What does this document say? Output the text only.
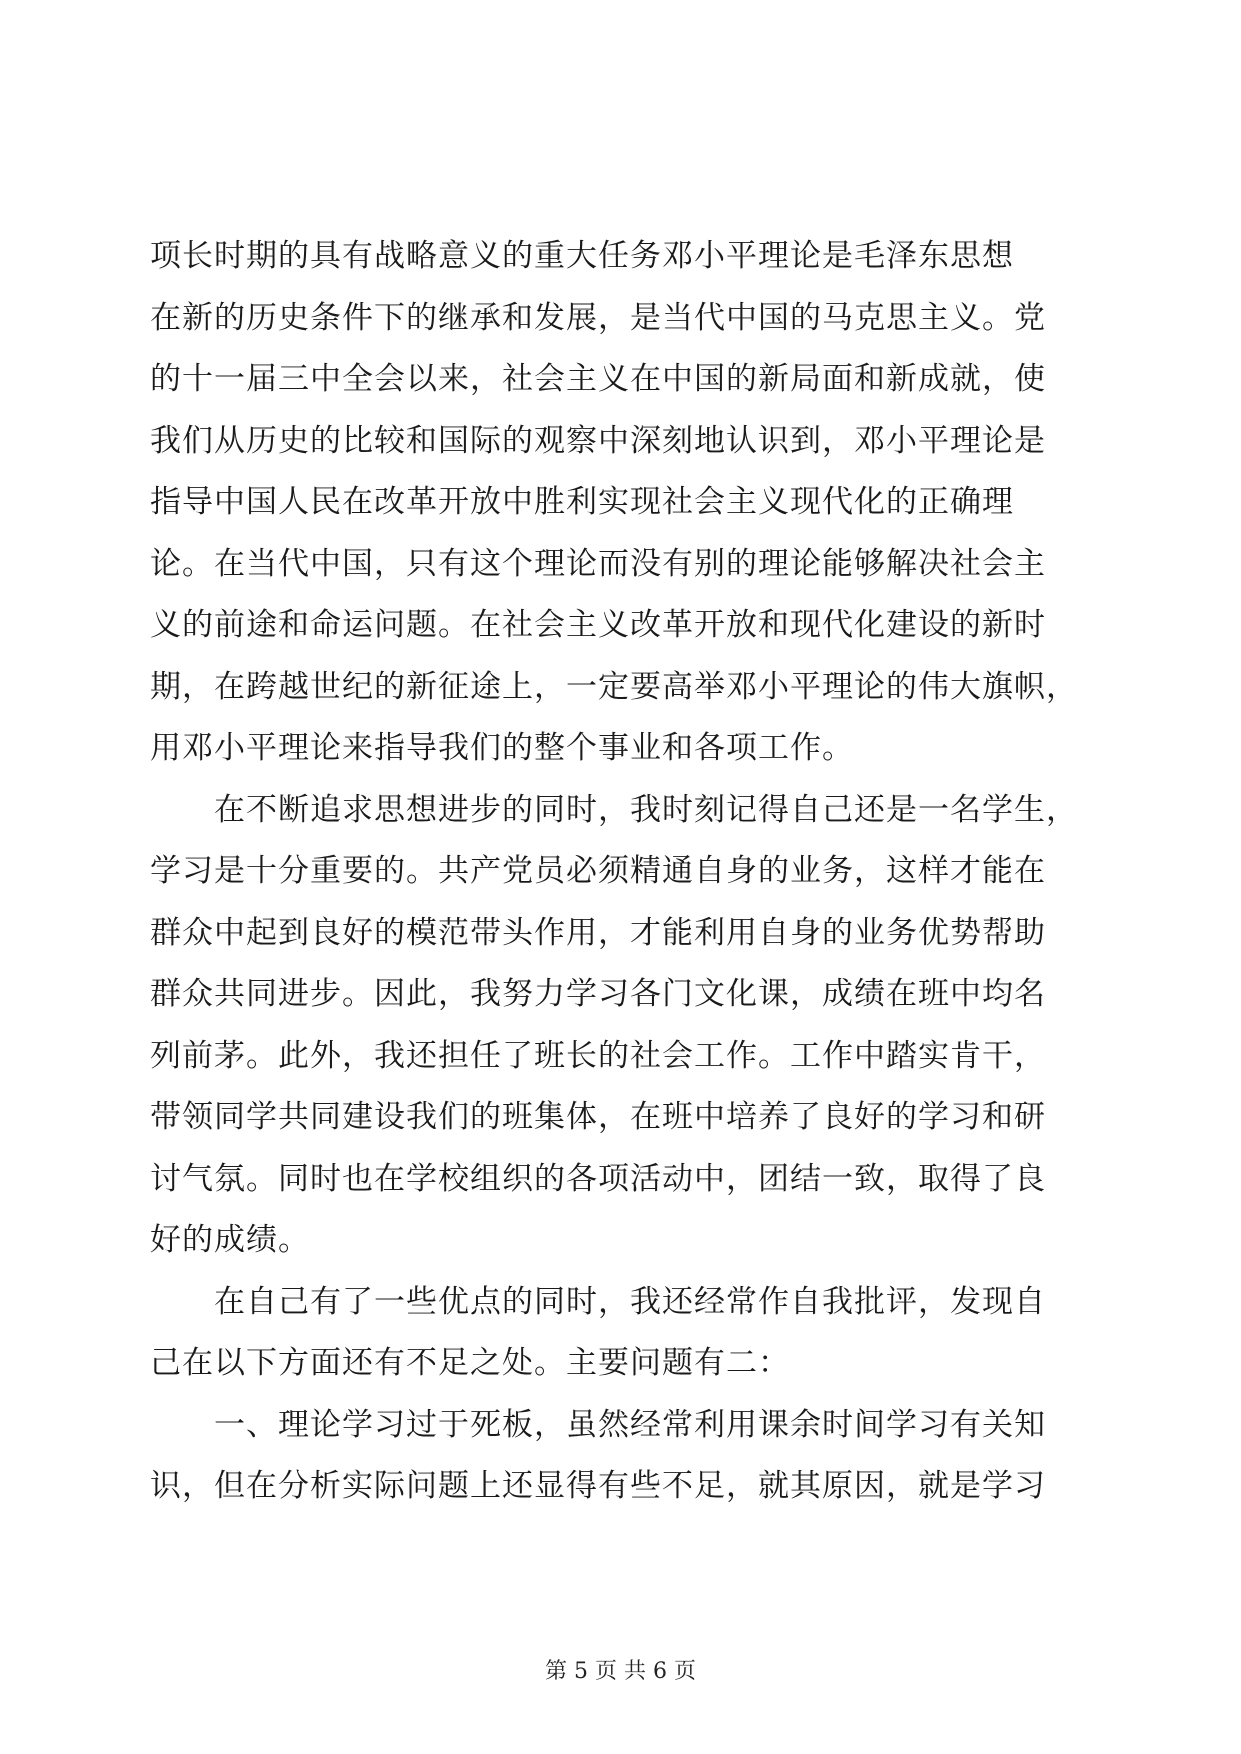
项长时期的具有战略意义的重大任务邓小平理论是毛泽东思想
在新的历史条件下的继承和发展，是当代中国的马克思主义。党
的十一届三中全会以来，社会主义在中国的新局面和新成就，使
我们从历史的比较和国际的观察中深刻地认识到，邓小平理论是
指导中国人民在改革开放中胜利实现社会主义现代化的正确理
论。在当代中国，只有这个理论而没有别的理论能够解决社会主
义的前途和命运问题。在社会主义改革开放和现代化建设的新时
期，在跨越世纪的新征途上，一定要高举邓小平理论的伟大旗帜，
用邓小平理论来指导我们的整个事业和各项工作。
　　在不断追求思想进步的同时，我时刻记得自己还是一名学生，
学习是十分重要的。共产党员必须精通自身的业务，这样才能在
群众中起到良好的模范带头作用，才能利用自身的业务优势帮助
群众共同进步。因此，我努力学习各门文化课，成绩在班中均名
列前茅。此外，我还担任了班长的社会工作。工作中踏实肯干，
带领同学共同建设我们的班集体，在班中培养了良好的学习和研
讨气氛。同时也在学校组织的各项活动中，团结一致，取得了良
好的成绩。
　　在自己有了一些优点的同时，我还经常作自我批评，发现自
己在以下方面还有不足之处。主要问题有二：
　　一、理论学习过于死板，虽然经常利用课余时间学习有关知
识，但在分析实际问题上还显得有些不足，就其原因，就是学习
第 5 页 共 6 页
